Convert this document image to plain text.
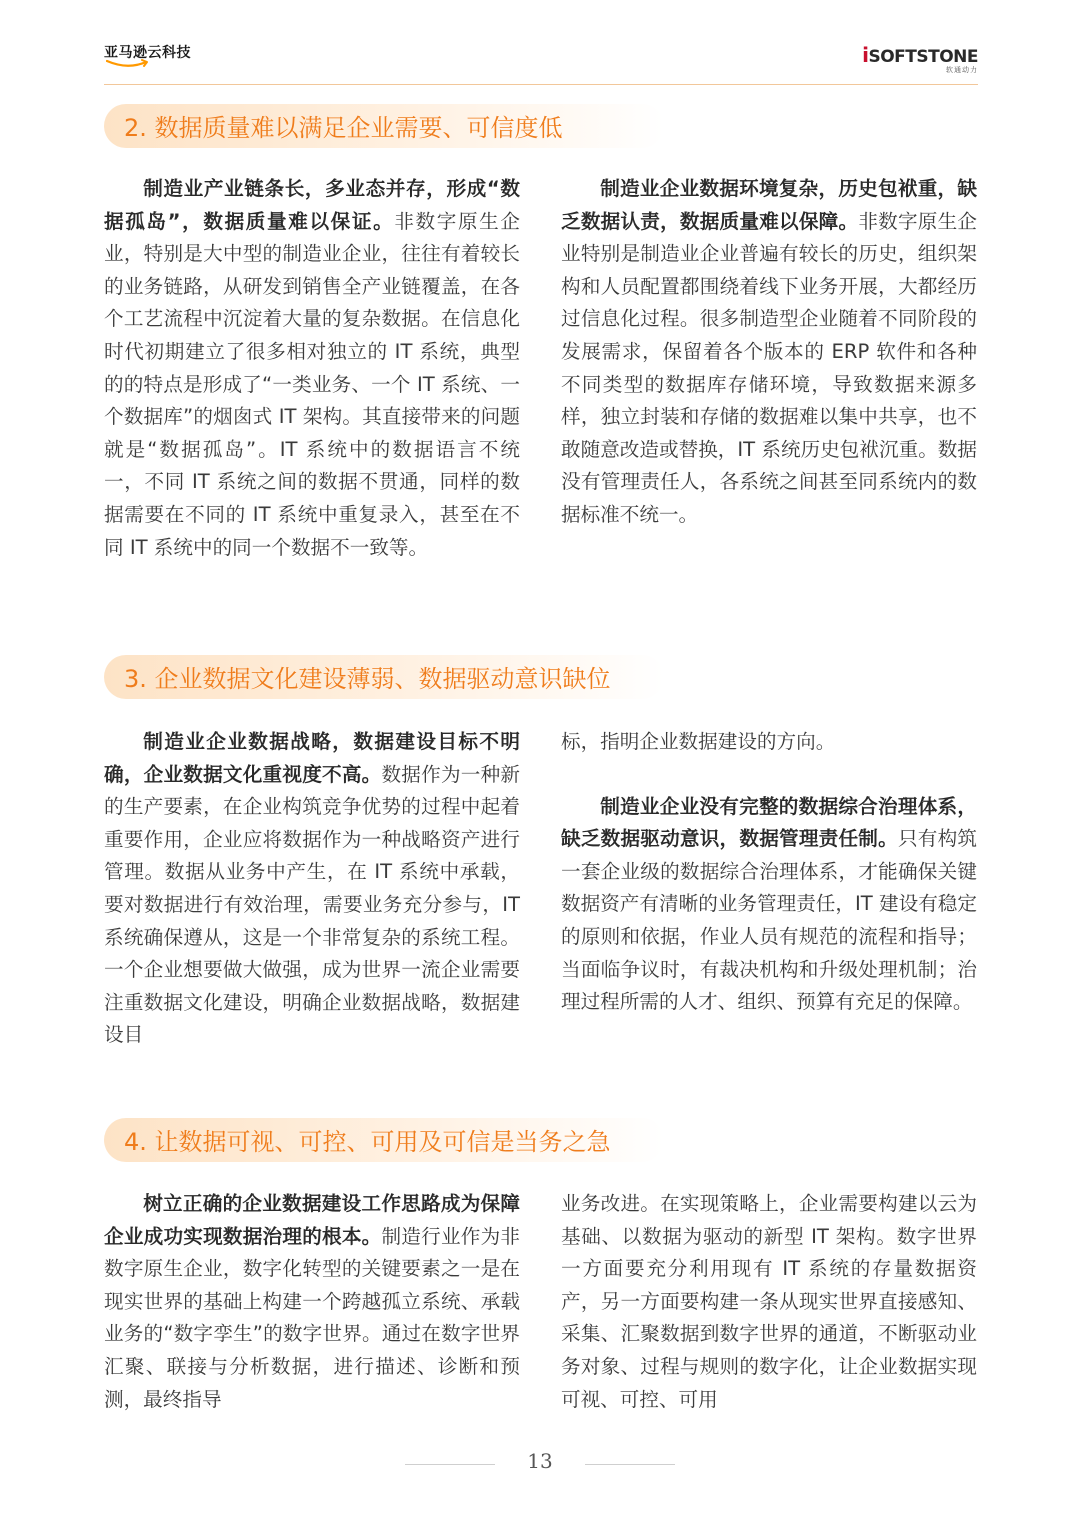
亚马逊云科技	iSOFTSTONE
软通动力
2. 数据质量难以满足企业需要、可信度低

制造业产业链条长，多业态并存，形成“数据孤岛”，数据质量难以保证。非数字原生企业，特别是大中型的制造业企业，往往有着较长的业务链路，从研发到销售全产业链覆盖，在各个工艺流程中沉淀着大量的复杂数据。在信息化时代初期建立了很多相对独立的 IT 系统，典型的的特点是形成了“一类业务、一个 IT 系统、一个数据库”的烟囱式 IT 架构。其直接带来的问题就是“数据孤岛”。IT 系统中的数据语言不统一，不同 IT 系统之间的数据不贯通，同样的数据需要在不同的 IT 系统中重复录入，甚至在不同 IT 系统中的同一个数据不一致等。

制造业企业数据环境复杂，历史包袱重，缺乏数据认责，数据质量难以保障。非数字原生企业特别是制造业企业普遍有较长的历史，组织架构和人员配置都围绕着线下业务开展，大都经历过信息化过程。很多制造型企业随着不同阶段的发展需求，保留着各个版本的 ERP 软件和各种不同类型的数据库存储环境，导致数据来源多样，独立封装和存储的数据难以集中共享，也不敢随意改造或替换，IT 系统历史包袱沉重。数据没有管理责任人，各系统之间甚至同系统内的数据标准不统一。

3. 企业数据文化建设薄弱、数据驱动意识缺位

制造业企业数据战略，数据建设目标不明确，企业数据文化重视度不高。数据作为一种新的生产要素，在企业构筑竞争优势的过程中起着重要作用，企业应将数据作为一种战略资产进行管理。数据从业务中产生，在 IT 系统中承载，要对数据进行有效治理，需要业务充分参与，IT 系统确保遵从，这是一个非常复杂的系统工程。一个企业想要做大做强，成为世界一流企业需要注重数据文化建设，明确企业数据战略，数据建设目

标，指明企业数据建设的方向。

制造业企业没有完整的数据综合治理体系，缺乏数据驱动意识，数据管理责任制。只有构筑一套企业级的数据综合治理体系，才能确保关键数据资产有清晰的业务管理责任，IT 建设有稳定的原则和依据，作业人员有规范的流程和指导；当面临争议时，有裁决机构和升级处理机制；治理过程所需的人才、组织、预算有充足的保障。

4. 让数据可视、可控、可用及可信是当务之急

树立正确的企业数据建设工作思路成为保障企业成功实现数据治理的根本。制造行业作为非数字原生企业，数字化转型的关键要素之一是在现实世界的基础上构建一个跨越孤立系统、承载业务的“数字孪生”的数字世界。通过在数字世界汇聚、联接与分析数据，进行描述、诊断和预测，最终指导

业务改进。在实现策略上，企业需要构建以云为基础、以数据为驱动的新型 IT 架构。数字世界一方面要充分利用现有 IT 系统的存量数据资产，另一方面要构建一条从现实世界直接感知、采集、汇聚数据到数字世界的通道，不断驱动业务对象、过程与规则的数字化，让企业数据实现可视、可控、可用

13
